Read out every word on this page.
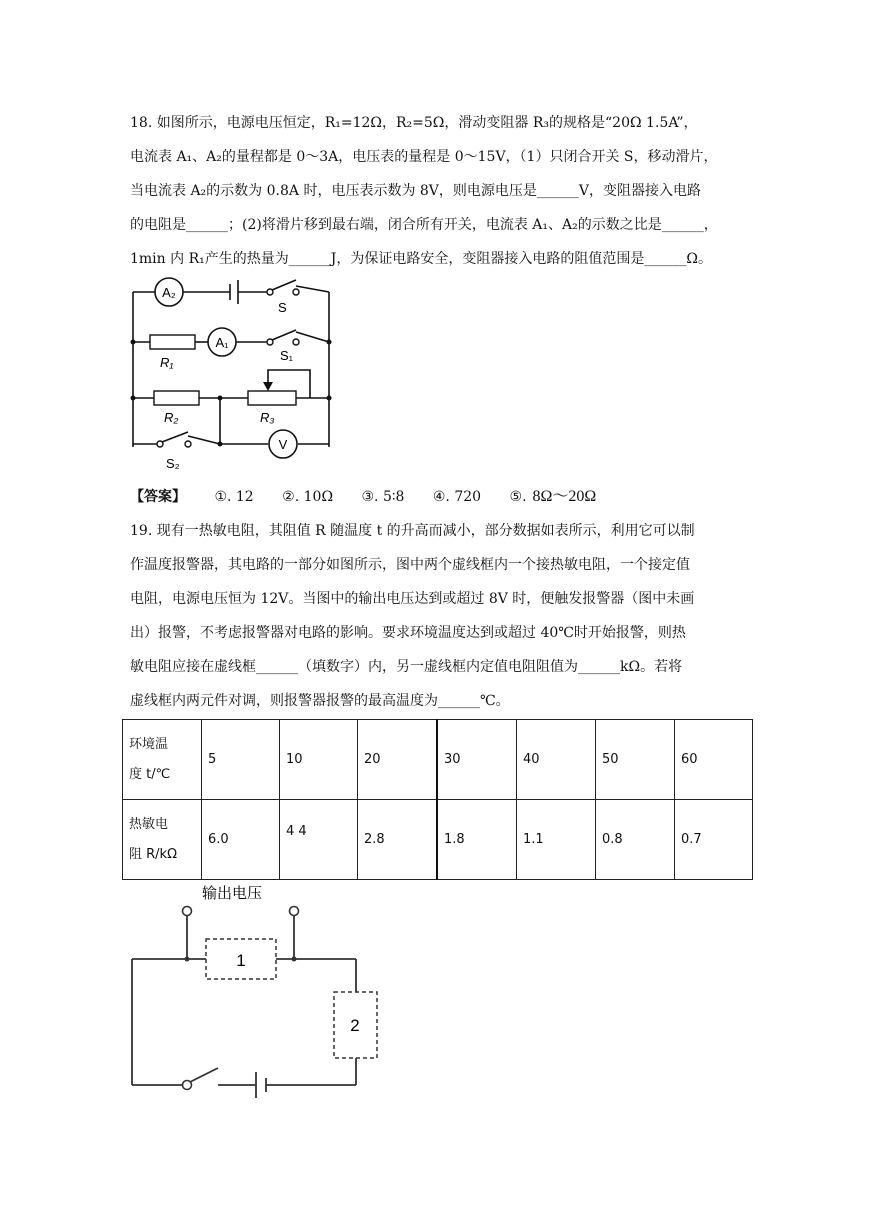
18. 如图所示，电源电压恒定，R₁=12Ω，R₂=5Ω，滑动变阻器 R₃的规格是“20Ω 1.5A”，
电流表 A₁、A₂的量程都是 0～3A，电压表的量程是 0～15V，（1）只闭合开关 S，移动滑片，
当电流表 A₂的示数为 0.8A 时，电压表示数为 8V，则电源电压是______V，变阻器接入电路
的电阻是______；(2)将滑片移到最右端，闭合所有开关，电流表 A₁、A₂的示数之比是______，
1min 内 R₁产生的热量为______J，为保证电路安全，变阻器接入电路的阻值范围是______Ω。
S
A₂
R₁
A₁
S₁
R₂	R₃
V
S₂
【答案】 ①. 12 ②. 10Ω ③. 5∶8 ④. 720 ⑤. 8Ω～20Ω
19. 现有一热敏电阻，其阻值 R 随温度 t 的升高而减小，部分数据如表所示，利用它可以制
作温度报警器，其电路的一部分如图所示，图中两个虚线框内一个接热敏电阻，一个接定值
电阻，电源电压恒为 12V。当图中的输出电压达到或超过 8V 时，便触发报警器（图中未画
出）报警，不考虑报警器对电路的影响。要求环境温度达到或超过 40℃时开始报警，则热
敏电阻应接在虚线框______（填数字）内，另一虚线框内定值电阻阻值为______kΩ。若将
虚线框内两元件对调，则报警器报警的最高温度为______℃。
环境温
度 t/℃	5	10	20	30	40	50	60

热敏电
阻 R/kΩ	6.0	4 4	2.8	1.8	1.1	0.8	0.7
输出电压
1
2
